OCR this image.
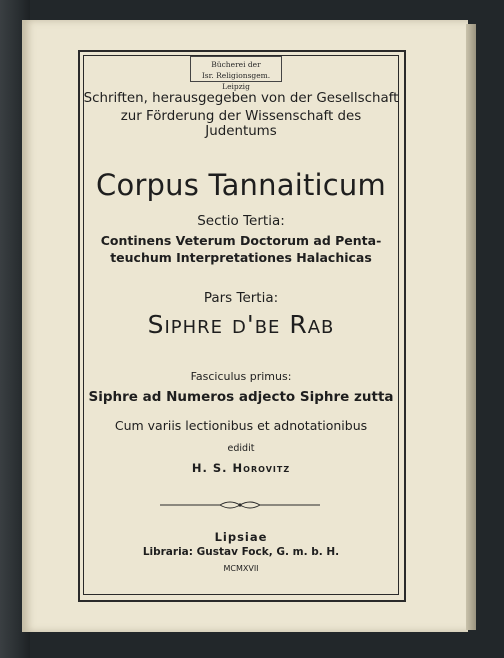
Bücherei der
Isr. Religionsgem. Leipzig
Schriften, herausgegeben von der Gesellschaft
zur Förderung der Wissenschaft des Judentums
Corpus Tannaiticum
Sectio Tertia:
Continens Veterum Doctorum ad Penta-
teuchum Interpretationes Halachicas
Pars Tertia:
Siphre d'be Rab
Fasciculus primus:
Siphre ad Numeros adjecto Siphre zutta
Cum variis lectionibus et adnotationibus
edidit
H. S. Horovitz
Lipsiae
Libraria: Gustav Fock, G. m. b. H.
MCMXVII
